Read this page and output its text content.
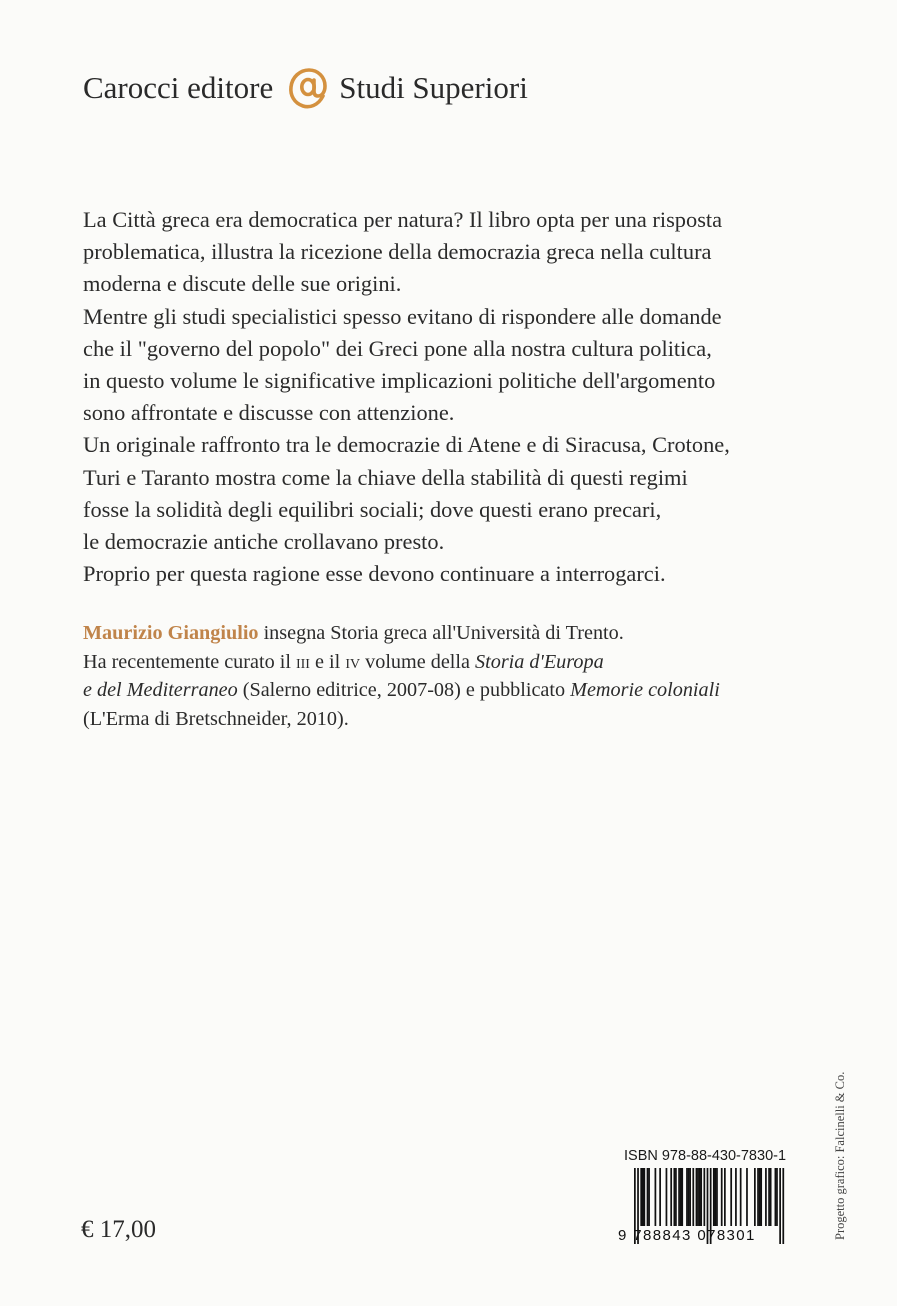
Carocci editore Studi Superiori

La Città greca era democratica per natura? Il libro opta per una risposta

problematica, illustra la ricezione della democrazia greca nella cultura

moderna e discute delle sue origini.

Mentre gli studi specialistici spesso evitano di rispondere alle domande

che il "governo del popolo" dei Greci pone alla nostra cultura politica,

in questo volume le significative implicazioni politiche dell'argomento

sono affrontate e discusse con attenzione.

Un originale raffronto tra le democrazie di Atene e di Siracusa, Crotone,

Turi e Taranto mostra come la chiave della stabilità di questi regimi

fosse la solidità degli equilibri sociali; dove questi erano precari,

le democrazie antiche crollavano presto.

Proprio per questa ragione esse devono continuare a interrogarci.

Maurizio Giangiulio insegna Storia greca all'Università di Trento.

Ha recentemente curato il iii e il iv volume della Storia d'Europa

e del Mediterraneo (Salerno editrice, 2007-08) e pubblicato Memorie coloniali

(L'Erma di Bretschneider, 2010).

Progetto grafico: Falcinelli & Co.
ISBN 978-88-430-7830-1
9 788843 078301
€ 17,00
